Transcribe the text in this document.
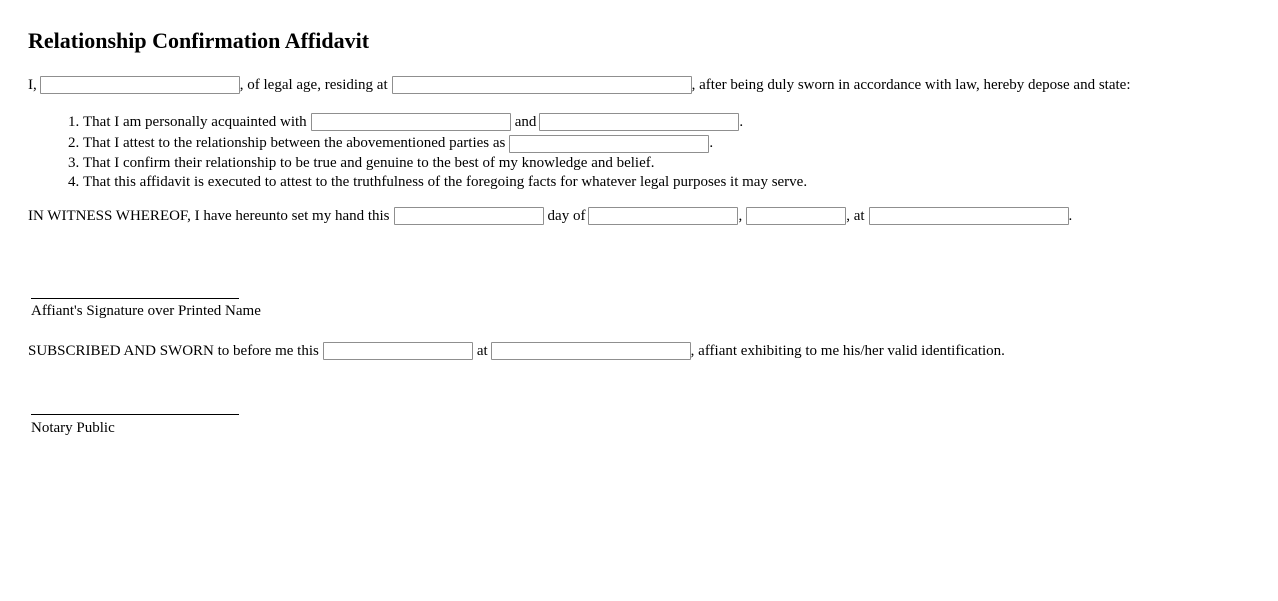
Relationship Confirmation Affidavit
I,	, of legal age, residing at	, after being duly sworn in accordance with law, hereby depose and state:
1.
That I am personally acquainted with	and	.
2.
That I attest to the relationship between the abovementioned parties as	.
3.
That I confirm their relationship to be true and genuine to the best of my knowledge and belief.
4.
That this affidavit is executed to attest to the truthfulness of the foregoing facts for whatever legal purposes it may serve.
IN WITNESS WHEREOF, I have hereunto set my hand this	day of	,	, at	.
Affiant's Signature over Printed Name
SUBSCRIBED AND SWORN to before me this	at	, affiant exhibiting to me his/her valid identification.
Notary Public
